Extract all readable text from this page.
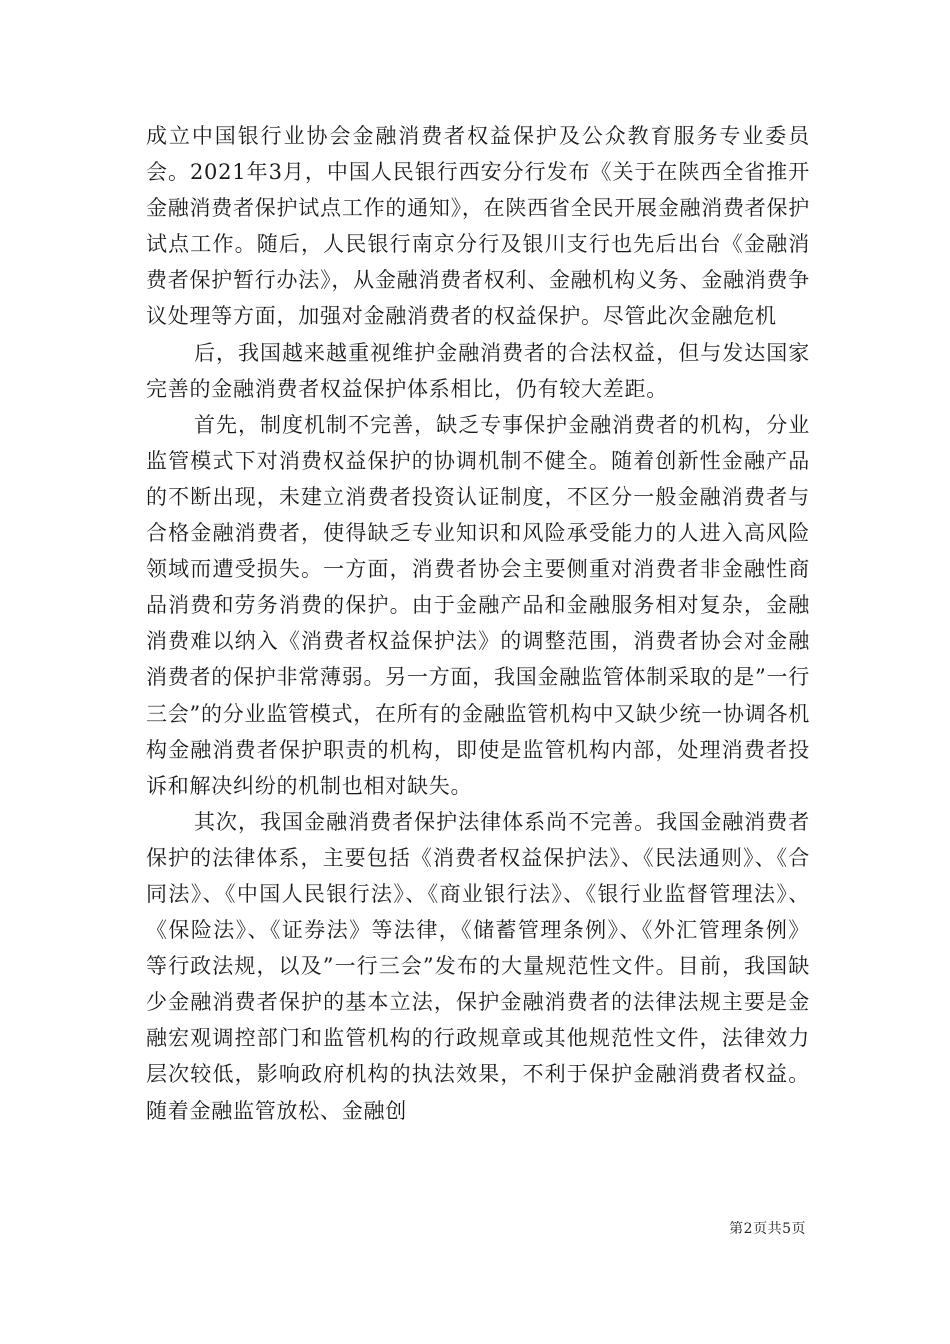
成立中国银行业协会金融消费者权益保护及公众教育服务专业委员会。2021年3月，中国人民银行西安分行发布《关于在陕西全省推开金融消费者保护试点工作的通知》，在陕西省全民开展金融消费者保护试点工作。随后，人民银行南京分行及银川支行也先后出台《金融消费者保护暂行办法》，从金融消费者权利、金融机构义务、金融消费争议处理等方面，加强对金融消费者的权益保护。尽管此次金融危机

后，我国越来越重视维护金融消费者的合法权益，但与发达国家完善的金融消费者权益保护体系相比，仍有较大差距。

首先，制度机制不完善，缺乏专事保护金融消费者的机构，分业监管模式下对消费权益保护的协调机制不健全。随着创新性金融产品的不断出现，未建立消费者投资认证制度，不区分一般金融消费者与合格金融消费者，使得缺乏专业知识和风险承受能力的人进入高风险领域而遭受损失。一方面，消费者协会主要侧重对消费者非金融性商品消费和劳务消费的保护。由于金融产品和金融服务相对复杂，金融消费难以纳入《消费者权益保护法》的调整范围，消费者协会对金融消费者的保护非常薄弱。另一方面，我国金融监管体制采取的是”一行三会”的分业监管模式，在所有的金融监管机构中又缺少统一协调各机构金融消费者保护职责的机构，即使是监管机构内部，处理消费者投诉和解决纠纷的机制也相对缺失。

其次，我国金融消费者保护法律体系尚不完善。我国金融消费者保护的法律体系，主要包括《消费者权益保护法》、《民法通则》、《合同法》、《中国人民银行法》、《商业银行法》、《银行业监督管理法》、《保险法》、《证券法》等法律，《储蓄管理条例》、《外汇管理条例》等行政法规，以及”一行三会”发布的大量规范性文件。目前，我国缺少金融消费者保护的基本立法，保护金融消费者的法律法规主要是金融宏观调控部门和监管机构的行政规章或其他规范性文件，法律效力层次较低，影响政府机构的执法效果，不利于保护金融消费者权益。随着金融监管放松、金融创

第2页共5页
